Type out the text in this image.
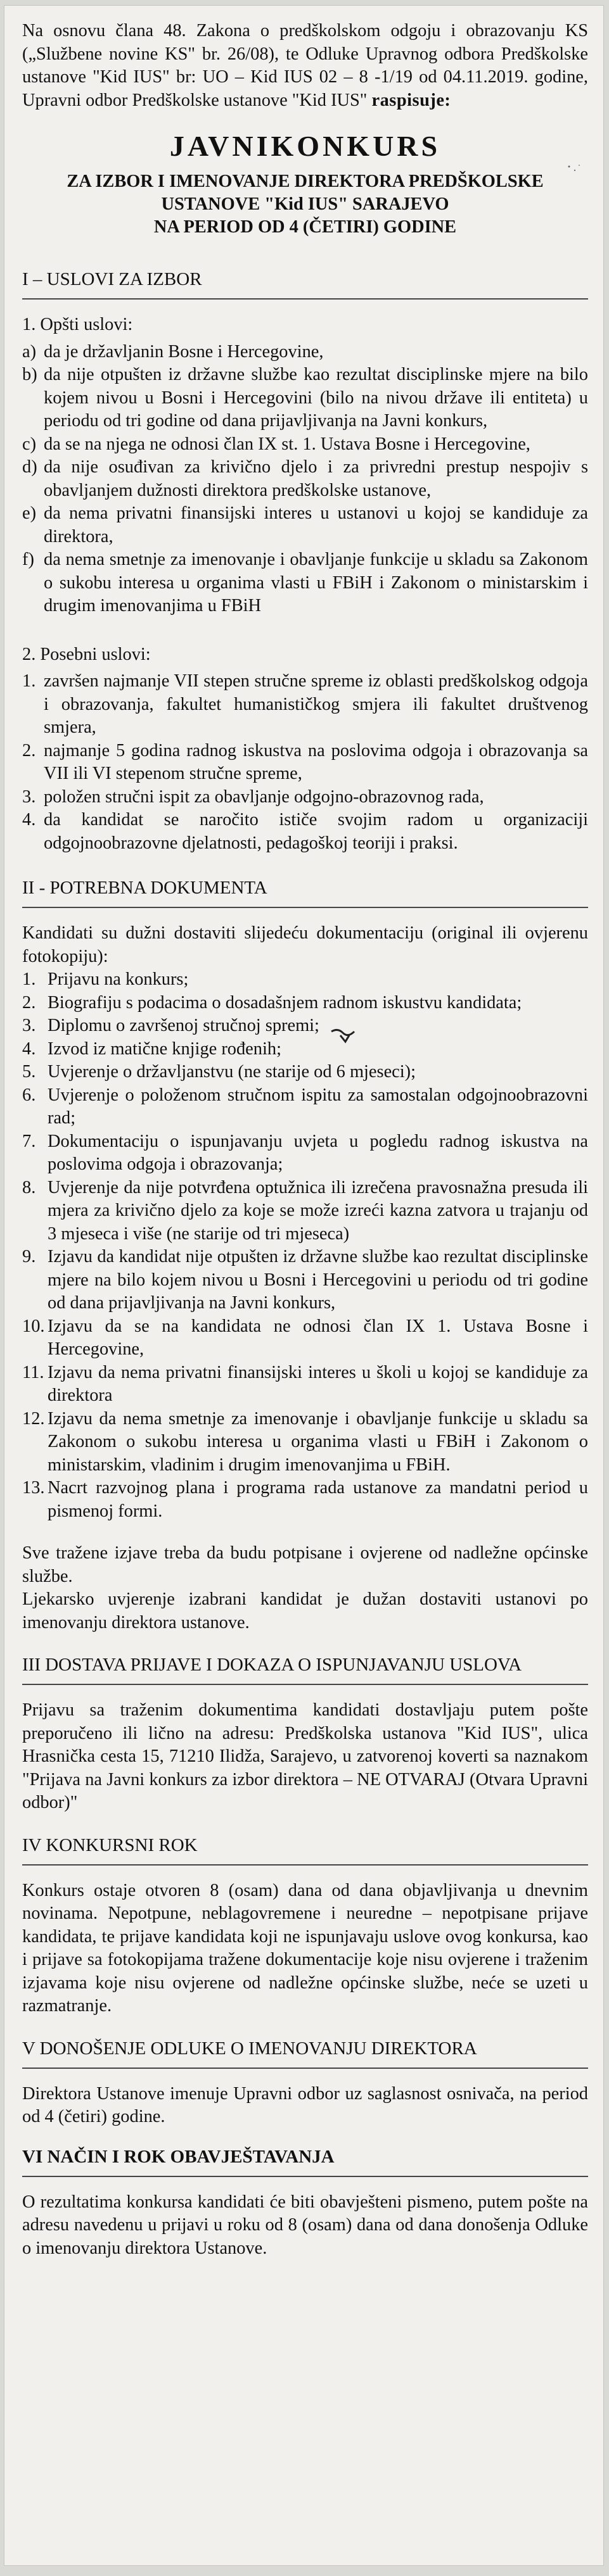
Na osnovu člana 48. Zakona o predškolskom odgoju i obrazovanju KS („Službene novine KS" br. 26/08), te Odluke Upravnog odbora Predškolske ustanove "Kid IUS" br: UO – Kid IUS 02 – 8 -1/19 od 04.11.2019. godine, Upravni odbor Predškolske ustanove "Kid IUS" raspisuje:

JAVNIKONKURS
ZA IZBOR I IMENOVANJE DIREKTORA PREDŠKOLSKE
USTANOVE "Kid IUS" SARAJEVO
NA PERIOD OD 4 (ČETIRI) GODINE
I – USLOVI ZA IZBOR
1. Opšti uslovi:
a) da je državljanin Bosne i Hercegovine,
b) da nije otpušten iz državne službe kao rezultat disciplinske mjere na bilo kojem nivou u Bosni i Hercegovini (bilo na nivou države ili entiteta) u periodu od tri godine od dana prijavljivanja na Javni konkurs,
c) da se na njega ne odnosi član IX st. 1. Ustava Bosne i Hercegovine,
d) da nije osuđivan za krivično djelo i za privredni prestup nespojiv s obavljanjem dužnosti direktora predškolske ustanove,
e) da nema privatni finansijski interes u ustanovi u kojoj se kandiduje za direktora,
f) da nema smetnje za imenovanje i obavljanje funkcije u skladu sa Zakonom o sukobu interesa u organima vlasti u FBiH i Zakonom o ministarskim i drugim imenovanjima u FBiH
2. Posebni uslovi:
1. završen najmanje VII stepen stručne spreme iz oblasti predškolskog odgoja i obrazovanja, fakultet humanističkog smjera ili fakultet društvenog smjera,
2. najmanje 5 godina radnog iskustva na poslovima odgoja i obrazovanja sa VII ili VI stepenom stručne spreme,
3. položen stručni ispit za obavljanje odgojno-obrazovnog rada,
4. da kandidat se naročito ističe svojim radom u organizaciji odgojnoobrazovne djelatnosti, pedagoškoj teoriji i praksi.
II - POTREBNA DOKUMENTA

Kandidati su dužni dostaviti slijedeću dokumentaciju (original ili ovjerenu fotokopiju):

1. Prijavu na konkurs;
2. Biografiju s podacima o dosadašnjem radnom iskustvu kandidata;
3. Diplomu o završenoj stručnoj spremi;
4. Izvod iz matične knjige rođenih;
5. Uvjerenje o državljanstvu (ne starije od 6 mjeseci);
6. Uvjerenje o položenom stručnom ispitu za samostalan odgojnoobrazovni rad;
7. Dokumentaciju o ispunjavanju uvjeta u pogledu radnog iskustva na poslovima odgoja i obrazovanja;
8. Uvjerenje da nije potvrđena optužnica ili izrečena pravosnažna presuda ili mjera za krivično djelo za koje se može izreći kazna zatvora u trajanju od 3 mjeseca i više (ne starije od tri mjeseca)
9. Izjavu da kandidat nije otpušten iz državne službe kao rezultat disciplinske mjere na bilo kojem nivou u Bosni i Hercegovini u periodu od tri godine od dana prijavljivanja na Javni konkurs,
10. Izjavu da se na kandidata ne odnosi član IX 1. Ustava Bosne i Hercegovine,
11. Izjavu da nema privatni finansijski interes u školi u kojoj se kandiduje za direktora
12. Izjavu da nema smetnje za imenovanje i obavljanje funkcije u skladu sa Zakonom o sukobu interesa u organima vlasti u FBiH i Zakonom o ministarskim, vladinim i drugim imenovanjima u FBiH.
13. Nacrt razvojnog plana i programa rada ustanove za mandatni period u pismenoj formi.

Sve tražene izjave treba da budu potpisane i ovjerene od nadležne općinske službe.

Ljekarsko uvjerenje izabrani kandidat je dužan dostaviti ustanovi po imenovanju direktora ustanove.

III DOSTAVA PRIJAVE I DOKAZA O ISPUNJAVANJU USLOVA

Prijavu sa traženim dokumentima kandidati dostavljaju putem pošte preporučeno ili lično na adresu: Predškolska ustanova "Kid IUS", ulica Hrasnička cesta 15, 71210 Ilidža, Sarajevo, u zatvorenoj koverti sa naznakom "Prijava na Javni konkurs za izbor direktora – NE OTVARAJ (Otvara Upravni odbor)"

IV KONKURSNI ROK

Konkurs ostaje otvoren 8 (osam) dana od dana objavljivanja u dnevnim novinama. Nepotpune, neblagovremene i neuredne – nepotpisane prijave kandidata, te prijave kandidata koji ne ispunjavaju uslove ovog konkursa, kao i prijave sa fotokopijama tražene dokumentacije koje nisu ovjerene i traženim izjavama koje nisu ovjerene od nadležne općinske službe, neće se uzeti u razmatranje.

V DONOŠENJE ODLUKE O IMENOVANJU DIREKTORA

Direktora Ustanove imenuje Upravni odbor uz saglasnost osnivača, na period od 4 (četiri) godine.

VI NAČIN I ROK OBAVJEŠTAVANJA

O rezultatima konkursa kandidati će biti obavješteni pismeno, putem pošte na adresu navedenu u prijavi u roku od 8 (osam) dana od dana donošenja Odluke o imenovanju direktora Ustanove.
